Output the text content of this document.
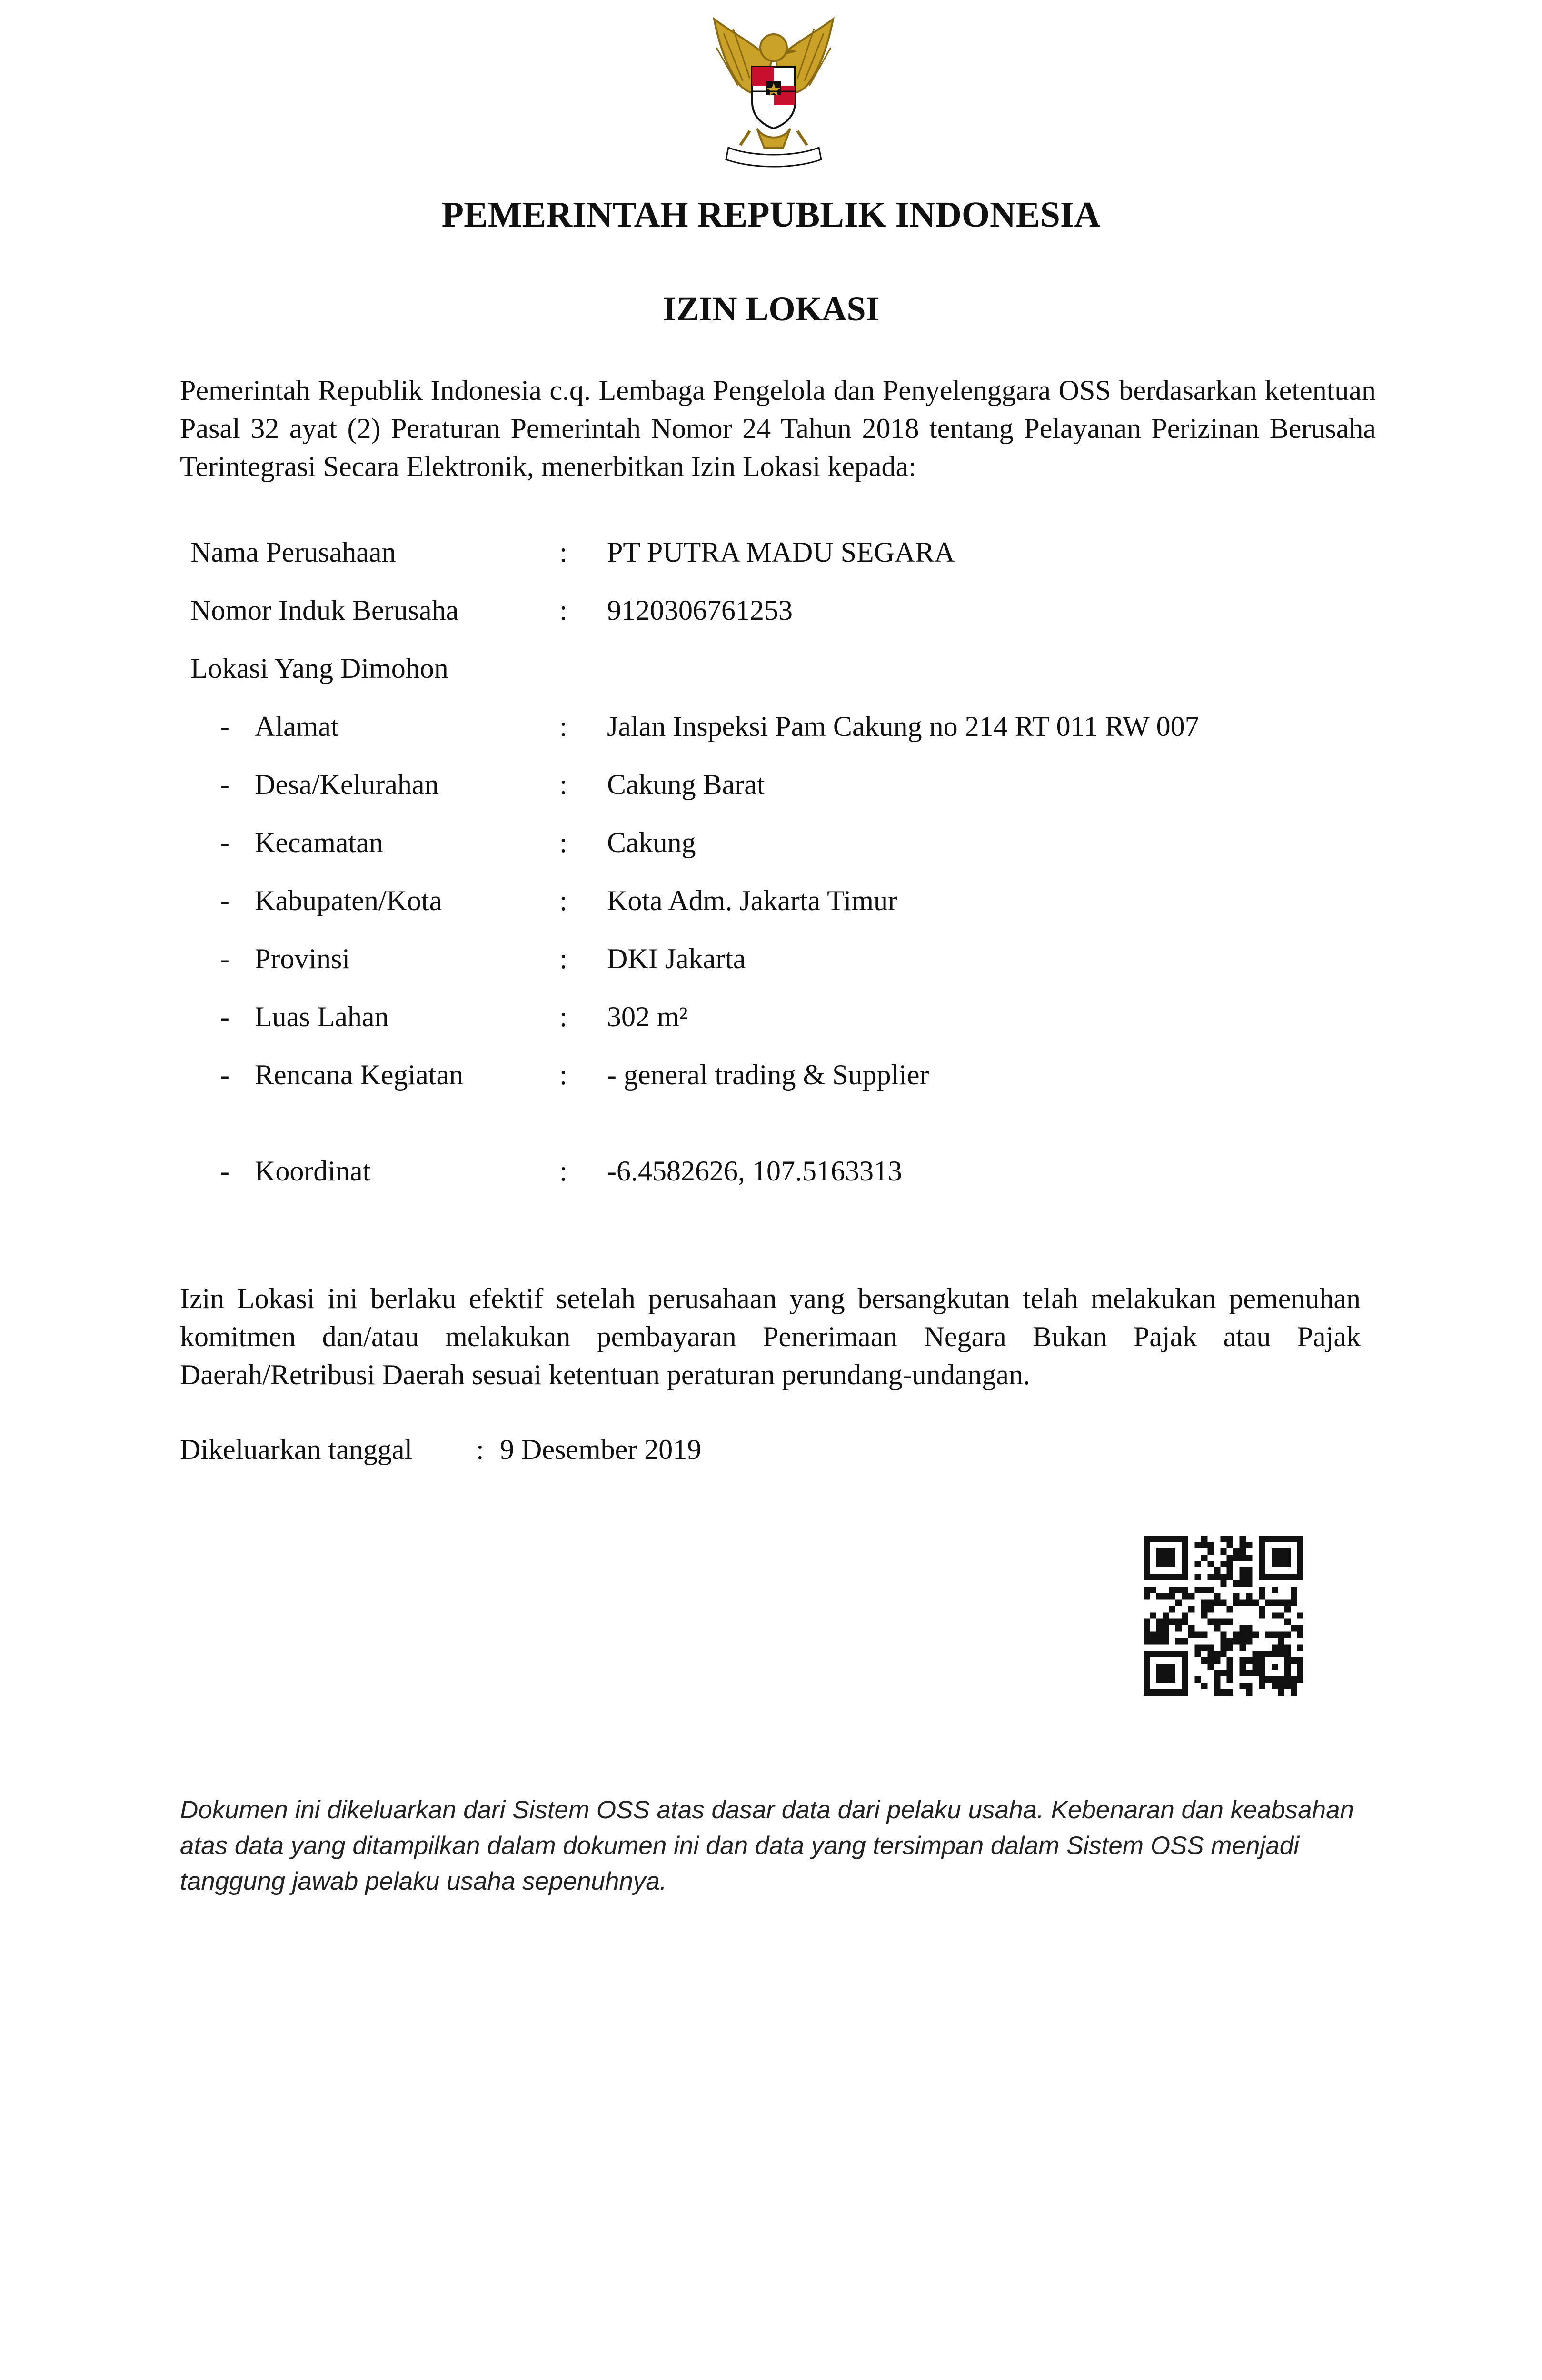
PEMERINTAH REPUBLIK INDONESIA
IZIN LOKASI
Pemerintah Republik Indonesia c.q. Lembaga Pengelola dan Penyelenggara OSS berdasarkan ketentuan Pasal 32 ayat (2) Peraturan Pemerintah Nomor 24 Tahun 2018 tentang Pelayanan Perizinan Berusaha Terintegrasi Secara Elektronik, menerbitkan Izin Lokasi kepada:
Nama Perusahaan	: PT PUTRA MADU SEGARA
Nomor Induk Berusaha	: 9120306761253
Lokasi Yang Dimohon
- Alamat	: Jalan Inspeksi Pam Cakung no 214 RT 011 RW 007
- Desa/Kelurahan	: Cakung Barat
- Kecamatan	: Cakung
- Kabupaten/Kota	: Kota Adm. Jakarta Timur
- Provinsi	: DKI Jakarta
- Luas Lahan	: 302 m²
- Rencana Kegiatan	: - general trading & Supplier
- Koordinat	: -6.4582626, 107.5163313
Izin Lokasi ini berlaku efektif setelah perusahaan yang bersangkutan telah melakukan pemenuhan komitmen dan/atau melakukan pembayaran Penerimaan Negara Bukan Pajak atau Pajak Daerah/Retribusi Daerah sesuai ketentuan peraturan perundang-undangan.
Dikeluarkan tanggal : 9 Desember 2019
Dokumen ini dikeluarkan dari Sistem OSS atas dasar data dari pelaku usaha. Kebenaran dan keabsahan atas data yang ditampilkan dalam dokumen ini dan data yang tersimpan dalam Sistem OSS menjadi tanggung jawab pelaku usaha sepenuhnya.
